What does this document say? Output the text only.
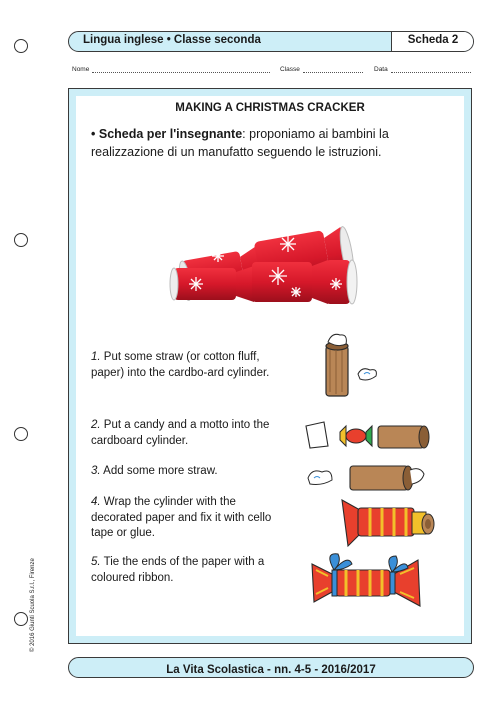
Lingua inglese • Classe seconda	Scheda 2
Nome	Classe	Data
MAKING A CHRISTMAS CRACKER
• Scheda per l'insegnante: proponiamo ai bambini la realizzazione di un manufatto seguendo le istruzioni.
1. Put some straw (or cotton fluff, paper) into the cardbo-ard cylinder.
2. Put a candy and a motto into the cardboard cylinder.
3. Add some more straw.
4. Wrap the cylinder with the decorated paper and fix it with cello tape or glue.
5. Tie the ends of the paper with a coloured ribbon.
© 2016 Giunti Scuola S.r.l., Firenze
La Vita Scolastica - nn. 4-5 - 2016/2017
